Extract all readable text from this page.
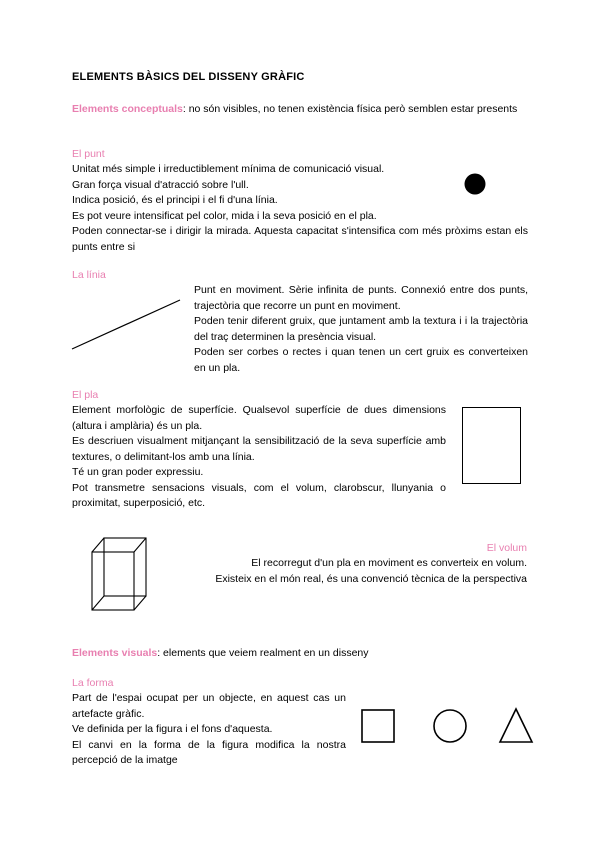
ELEMENTS BÀSICS DEL DISSENY GRÀFIC
Elements conceptuals: no són visibles, no tenen existència física però semblen estar presents
El punt
Unitat més simple i irreductiblement mínima de comunicació visual.
Gran força visual d'atracció sobre l'ull.
Indica posició, és el principi i el fi d'una línia.
Es pot veure intensificat pel color, mida i la seva posició en el pla.
Poden connectar-se i dirigir la mirada. Aquesta capacitat s'intensifica com més pròxims estan els punts entre si
La línia
Punt en moviment. Sèrie infinita de punts. Connexió entre dos punts, trajectòria que recorre un punt en moviment.
Poden tenir diferent gruix, que juntament amb la textura i i la trajectòria del traç determinen la presència visual.
Poden ser corbes o rectes i quan tenen un cert gruix es converteixen en un pla.
El pla
Element morfològic de superfície. Qualsevol superfície de dues dimensions (altura i amplària) és un pla.
Es descriuen visualment mitjançant la sensibilització de la seva superfície amb textures, o delimitant-los amb una línia.
Té un gran poder expressiu.
Pot transmetre sensacions visuals, com el volum, clarobscur, llunyania o proximitat, superposició, etc.
El volum
El recorregut d'un pla en moviment es converteix en volum.
Existeix en el món real, és una convenció tècnica de la perspectiva
Elements visuals: elements que veiem realment en un disseny
La forma
Part de l'espai ocupat per un objecte, en aquest cas un artefacte gràfic.
Ve definida per la figura i el fons d'aquesta.
El canvi en la forma de la figura modifica la nostra percepció de la imatge
